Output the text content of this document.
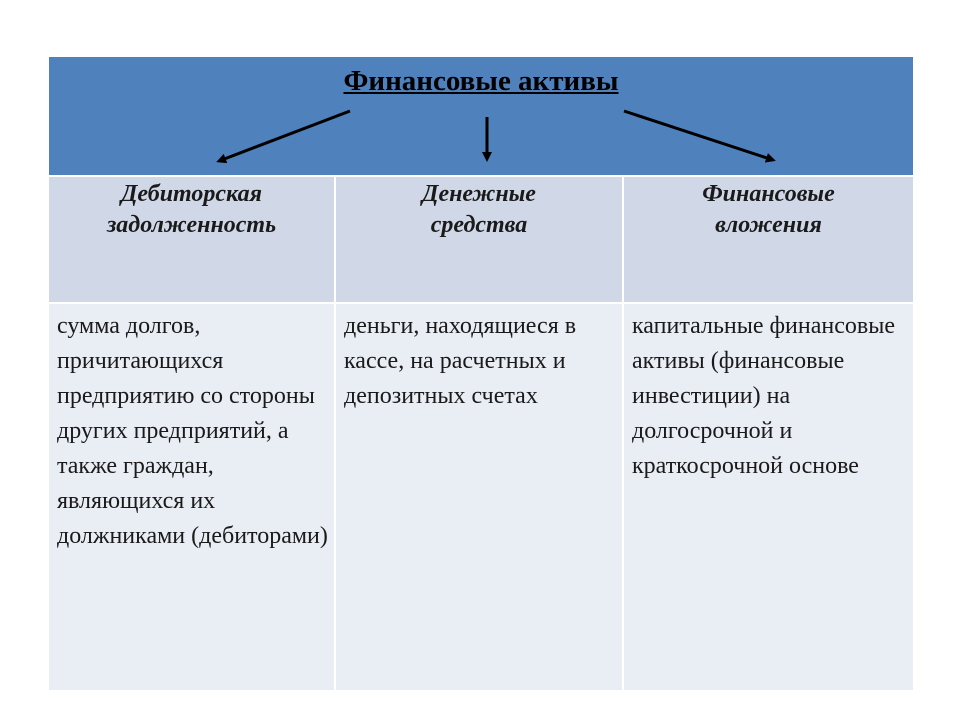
Финансовые активы
Дебиторская
задолженность
Денежные
средства
Финансовые
вложения
сумма долгов, причитающихся предприятию со стороны других предприятий, а также граждан, являющихся их должниками (дебиторами)
деньги, находящиеся в кассе, на расчетных и депозитных счетах
капитальные финансовые активы (финансовые инвестиции) на долгосрочной и краткосрочной основе
